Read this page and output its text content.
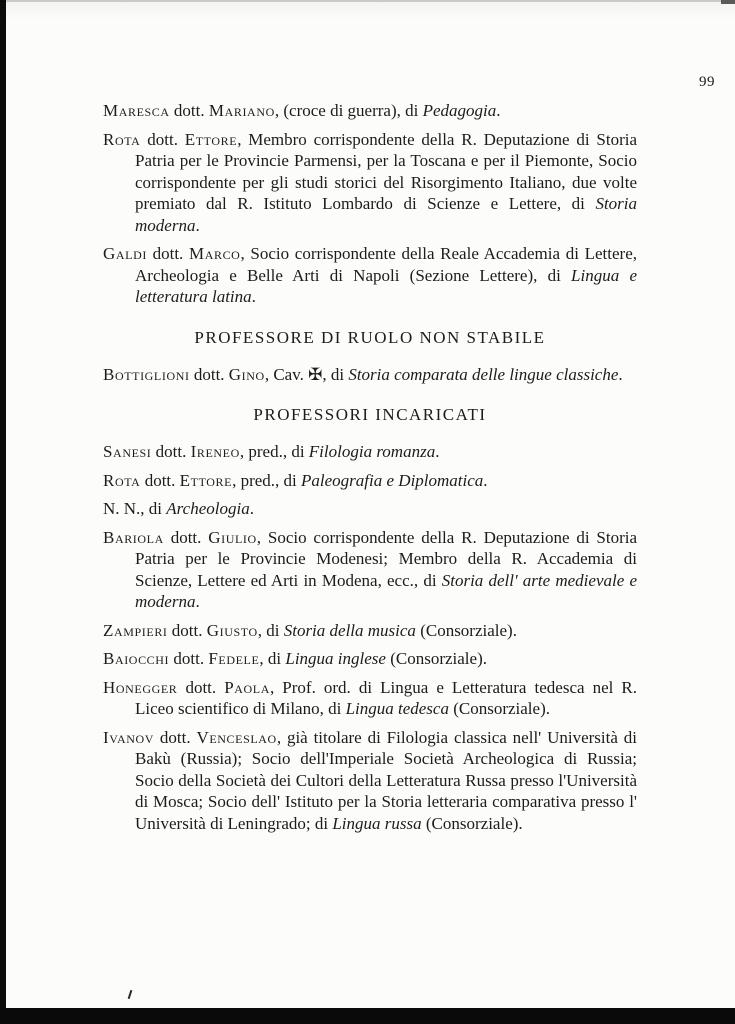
99

Maresca dott. Mariano, (croce di guerra), di Pedagogia.

Rota dott. Ettore, Membro corrispondente della R. Deputazione di Storia Patria per le Provincie Parmensi, per la Toscana e per il Piemonte, Socio corrispondente per gli studi storici del Risorgimento Italiano, due volte premiato dal R. Istituto Lombardo di Scienze e Lettere, di Storia moderna.

Galdi dott. Marco, Socio corrispondente della Reale Accademia di Lettere, Archeologia e Belle Arti di Napoli (Sezione Lettere), di Lingua e letteratura latina.

PROFESSORE DI RUOLO NON STABILE

Bottiglioni dott. Gino, Cav. ✠, di Storia comparata delle lingue classiche.

PROFESSORI INCARICATI

Sanesi dott. Ireneo, pred., di Filologia romanza.

Rota dott. Ettore, pred., di Paleografia e Diplomatica.

N. N., di Archeologia.

Bariola dott. Giulio, Socio corrispondente della R. Deputazione di Storia Patria per le Provincie Modenesi; Membro della R. Accademia di Scienze, Lettere ed Arti in Modena, ecc., di Storia dell' arte medievale e moderna.

Zampieri dott. Giusto, di Storia della musica (Consorziale).

Baiocchi dott. Fedele, di Lingua inglese (Consorziale).

Honegger dott. Paola, Prof. ord. di Lingua e Letteratura tedesca nel R. Liceo scientifico di Milano, di Lingua tedesca (Consorziale).

Ivanov dott. Venceslao, già titolare di Filologia classica nell' Università di Bakù (Russia); Socio dell'Imperiale Società Archeologica di Russia; Socio della Società dei Cultori della Letteratura Russa presso l'Università di Mosca; Socio dell' Istituto per la Storia letteraria comparativa presso l' Università di Leningrado; di Lingua russa (Consorziale).
